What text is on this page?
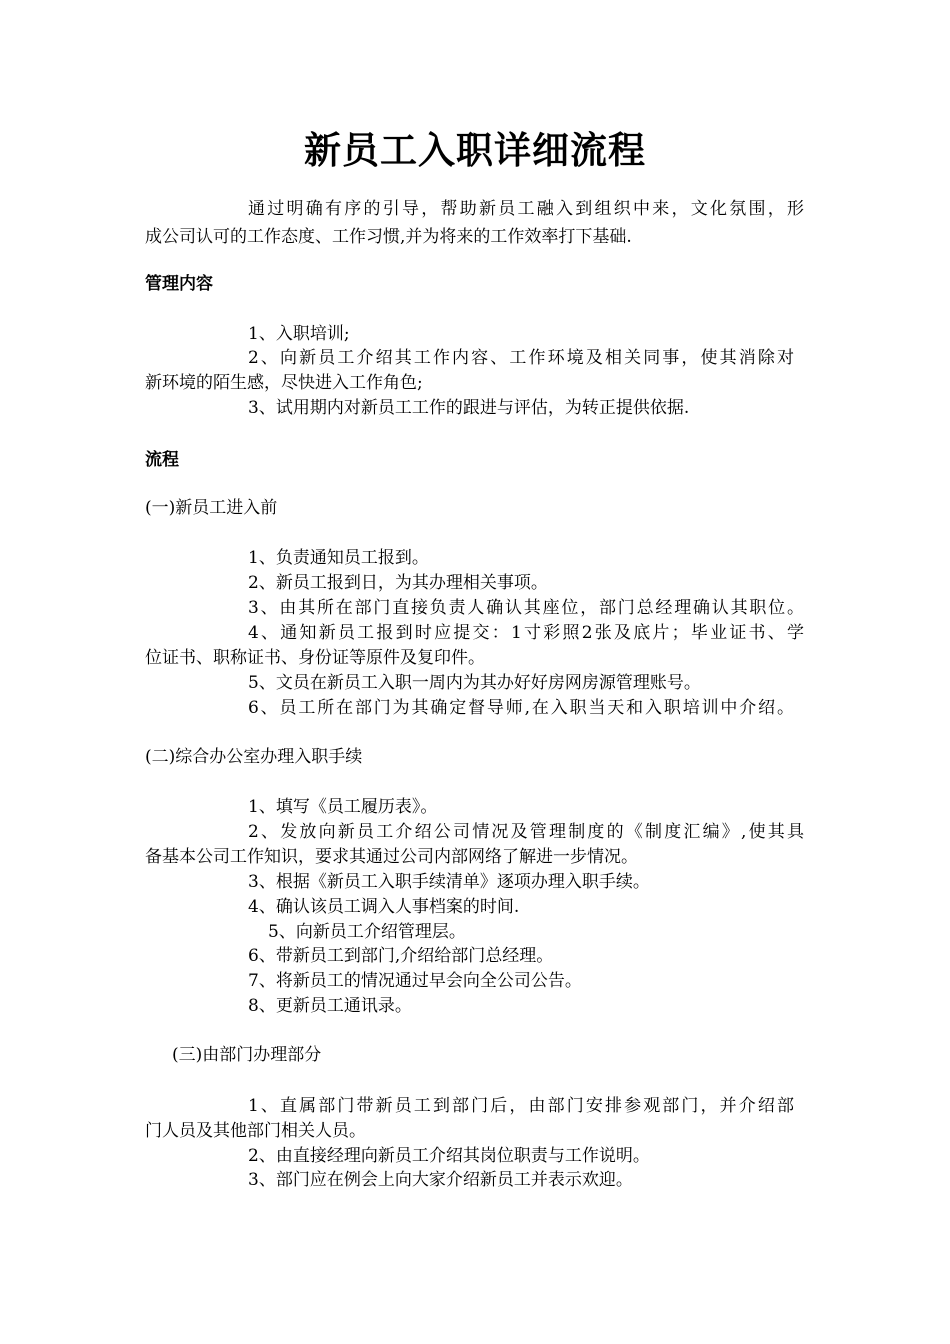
新员工入职详细流程
通过明确有序的引导，帮助新员工融入到组织中来，文化氛围，形
成公司认可的工作态度、工作习惯,并为将来的工作效率打下基础.
管理内容
1、入职培训;
2、向新员工介绍其工作内容、工作环境及相关同事，使其消除对
新环境的陌生感，尽快进入工作角色;
3、试用期内对新员工工作的跟进与评估，为转正提供依据.
流程
(一)新员工进入前
1、负责通知员工报到。
2、新员工报到日，为其办理相关事项。
3、由其所在部门直接负责人确认其座位，部门总经理确认其职位。
4、通知新员工报到时应提交：1寸彩照2张及底片；毕业证书、学
位证书、职称证书、身份证等原件及复印件。
5、文员在新员工入职一周内为其办好好房网房源管理账号。
6、员工所在部门为其确定督导师,在入职当天和入职培训中介绍。
(二)综合办公室办理入职手续
1、填写《员工履历表》。
2、发放向新员工介绍公司情况及管理制度的《制度汇编》,使其具
备基本公司工作知识，要求其通过公司内部网络了解进一步情况。
3、根据《新员工入职手续清单》逐项办理入职手续。
4、确认该员工调入人事档案的时间.
5、向新员工介绍管理层。
6、带新员工到部门,介绍给部门总经理。
7、将新员工的情况通过早会向全公司公告。
8、更新员工通讯录。
(三)由部门办理部分
1、直属部门带新员工到部门后，由部门安排参观部门，并介绍部
门人员及其他部门相关人员。
2、由直接经理向新员工介绍其岗位职责与工作说明。
3、部门应在例会上向大家介绍新员工并表示欢迎。
